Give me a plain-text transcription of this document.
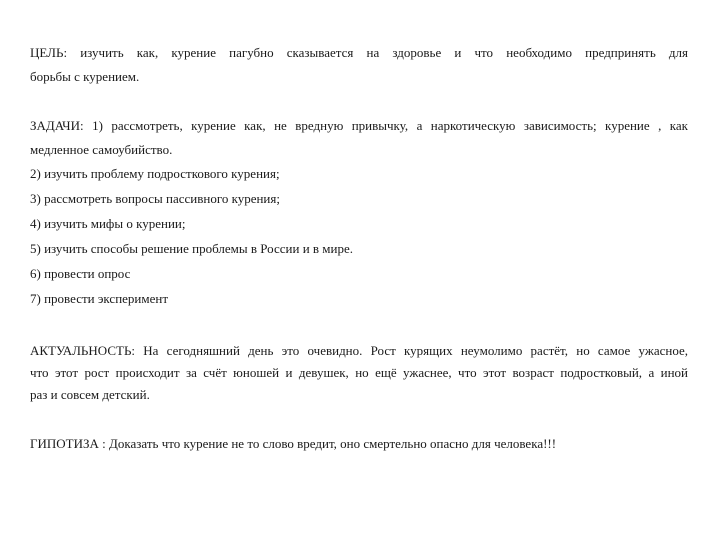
ЦЕЛЬ: изучить как, курение пагубно сказывается на здоровье и что необходимо предпринять для
борьбы с курением.
ЗАДАЧИ: 1) рассмотреть, курение как, не вредную привычку, а наркотическую зависимость; курение , как
медленное самоубийство.
2) изучить проблему подросткового курения;
3) рассмотреть вопросы пассивного курения;
4) изучить мифы о курении;
5) изучить способы решение проблемы в России и в мире.
6) провести опрос
7) провести эксперимент
АКТУАЛЬНОСТЬ: На сегодняшний день это очевидно. Рост курящих неумолимо растёт, но самое ужасное,
что этот рост происходит за счёт юношей и девушек, но ещё ужаснее, что этот возраст подростковый, а иной
раз и совсем детский.
ГИПОТИЗА : Доказать что курение не то слово вредит, оно смертельно опасно для человека!!!
